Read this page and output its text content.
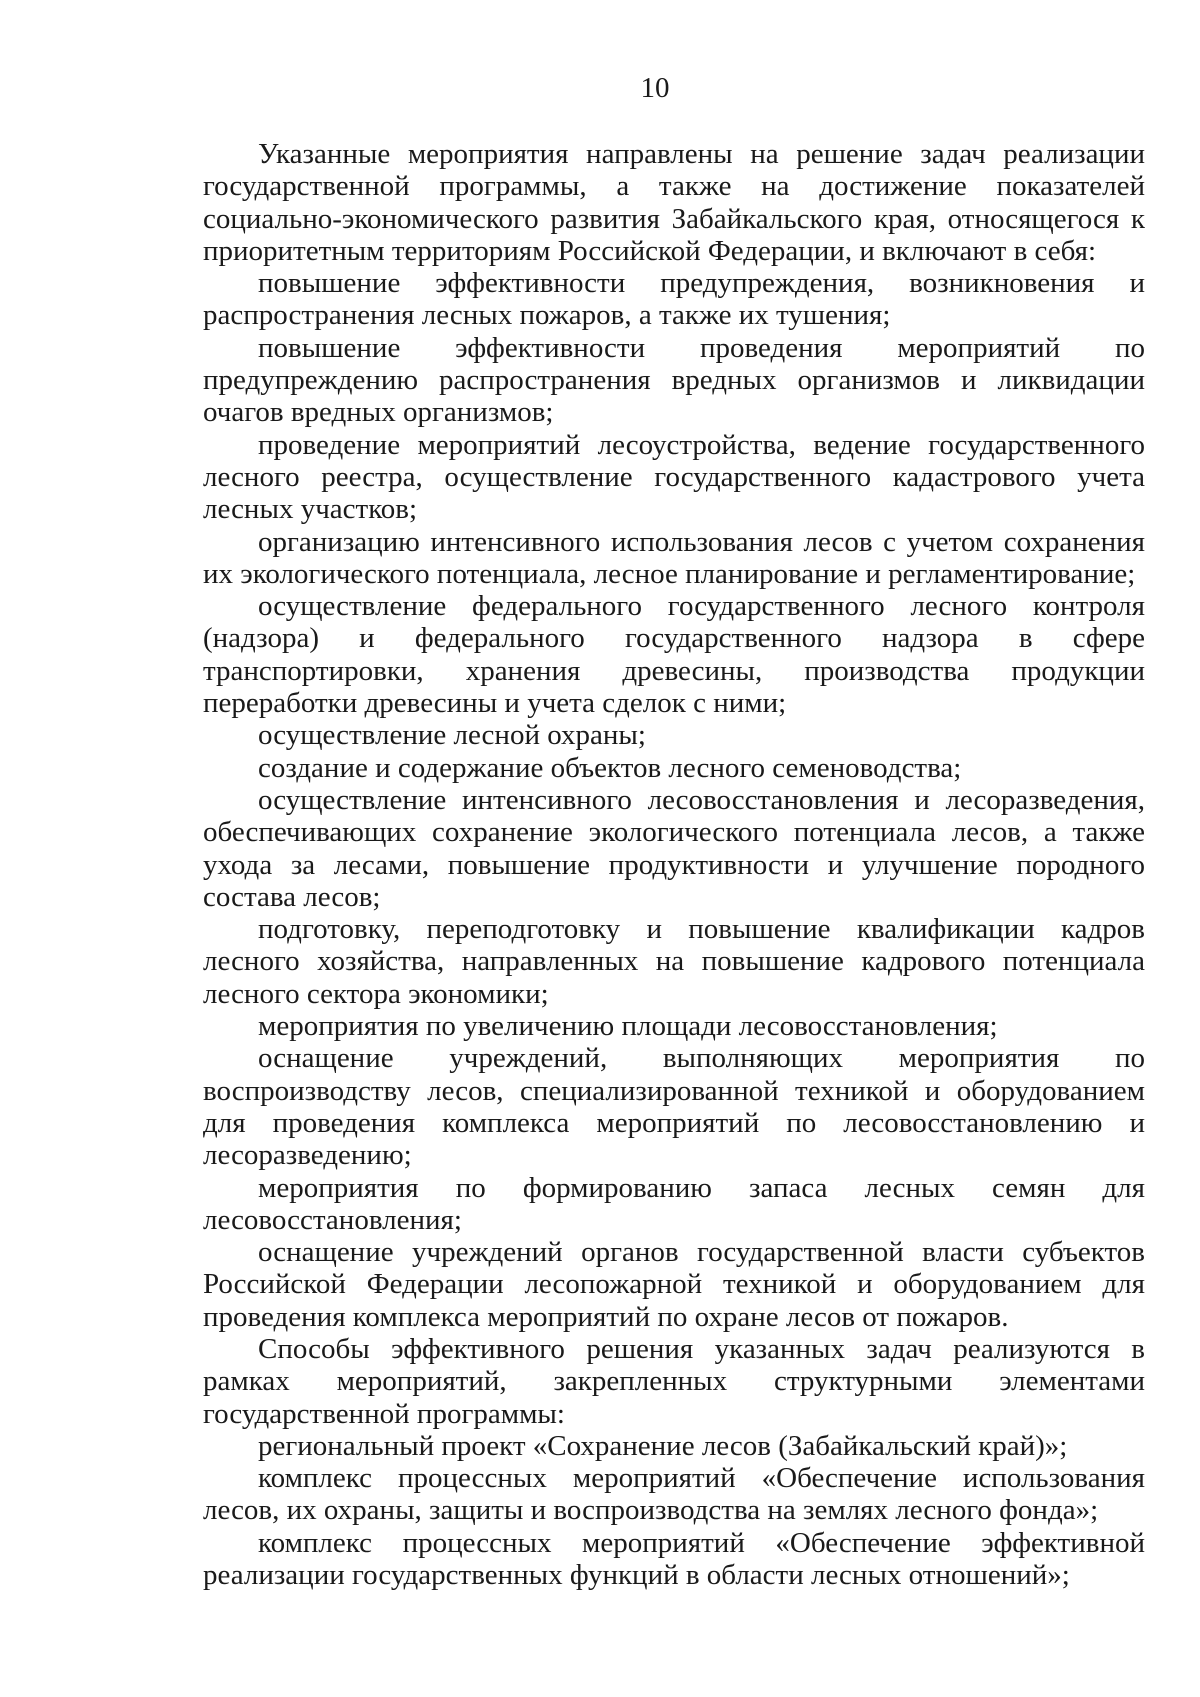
10

Указанные мероприятия направлены на решение задач реализации государственной программы, а также на достижение показателей социально-экономического развития Забайкальского края, относящегося к приоритетным территориям Российской Федерации, и включают в себя:

повышение эффективности предупреждения, возникновения и распространения лесных пожаров, а также их тушения;

повышение эффективности проведения мероприятий по предупреждению распространения вредных организмов и ликвидации очагов вредных организмов;

проведение мероприятий лесоустройства, ведение государственного лесного реестра, осуществление государственного кадастрового учета лесных участков;

организацию интенсивного использования лесов с учетом сохранения их экологического потенциала, лесное планирование и регламентирование;

осуществление федерального государственного лесного контроля (надзора) и федерального государственного надзора в сфере транспортировки, хранения древесины, производства продукции переработки древесины и учета сделок с ними;

осуществление лесной охраны;

создание и содержание объектов лесного семеноводства;

осуществление интенсивного лесовосстановления и лесоразведения, обеспечивающих сохранение экологического потенциала лесов, а также ухода за лесами, повышение продуктивности и улучшение породного состава лесов;

подготовку, переподготовку и повышение квалификации кадров лесного хозяйства, направленных на повышение кадрового потенциала лесного сектора экономики;

мероприятия по увеличению площади лесовосстановления;

оснащение учреждений, выполняющих мероприятия по воспроизводству лесов, специализированной техникой и оборудованием для проведения комплекса мероприятий по лесовосстановлению и лесоразведению;

мероприятия по формированию запаса лесных семян для лесовосстановления;

оснащение учреждений органов государственной власти субъектов Российской Федерации лесопожарной техникой и оборудованием для проведения комплекса мероприятий по охране лесов от пожаров.

Способы эффективного решения указанных задач реализуются в рамках мероприятий, закрепленных структурными элементами государственной программы:

региональный проект «Сохранение лесов (Забайкальский край)»;

комплекс процессных мероприятий «Обеспечение использования лесов, их охраны, защиты и воспроизводства на землях лесного фонда»;

комплекс процессных мероприятий «Обеспечение эффективной реализации государственных функций в области лесных отношений»;
